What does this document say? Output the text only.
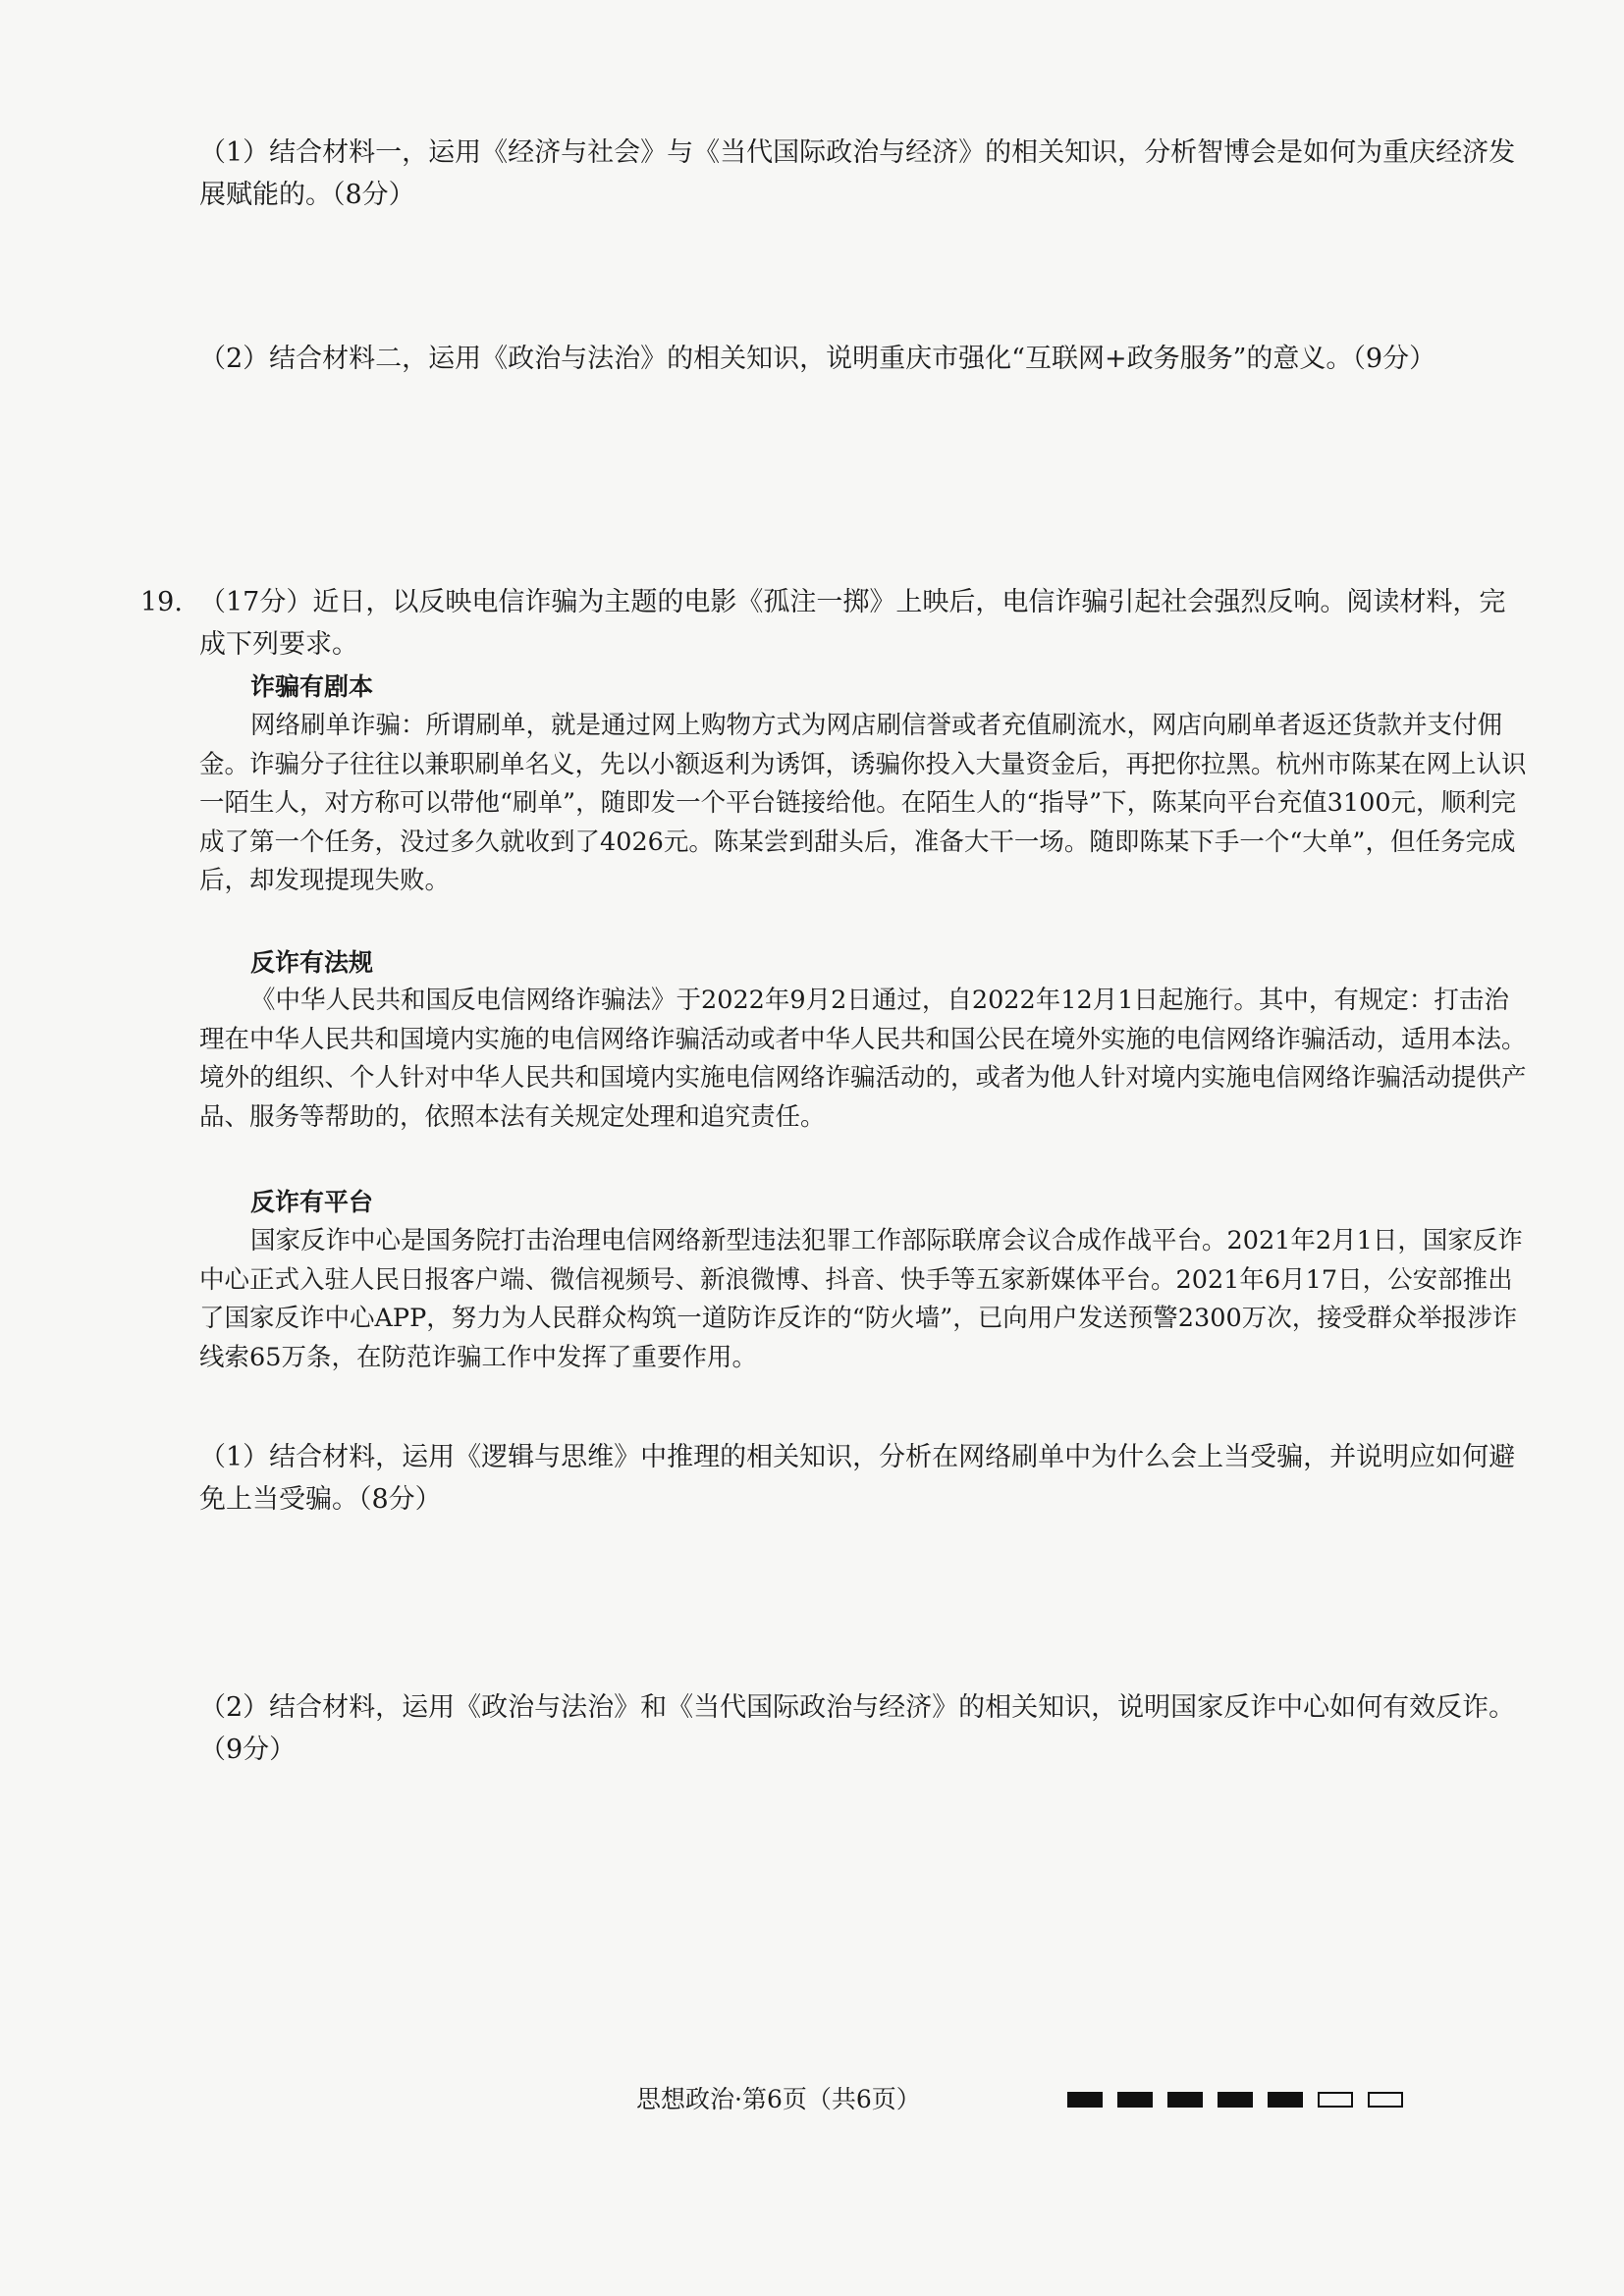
（1）结合材料一，运用《经济与社会》与《当代国际政治与经济》的相关知识，分析智博会是如何为重庆经济发展赋能的。（8分）
（2）结合材料二，运用《政治与法治》的相关知识，说明重庆市强化“互联网+政务服务”的意义。（9分）
19. （17分）近日，以反映电信诈骗为主题的电影《孤注一掷》上映后，电信诈骗引起社会强烈反响。阅读材料，完成下列要求。
诈骗有剧本
网络刷单诈骗：所谓刷单，就是通过网上购物方式为网店刷信誉或者充值刷流水，网店向刷单者返还货款并支付佣金。诈骗分子往往以兼职刷单名义，先以小额返利为诱饵，诱骗你投入大量资金后，再把你拉黑。杭州市陈某在网上认识一陌生人，对方称可以带他“刷单”，随即发一个平台链接给他。在陌生人的“指导”下，陈某向平台充值3100元，顺利完成了第一个任务，没过多久就收到了4026元。陈某尝到甜头后，准备大干一场。随即陈某下手一个“大单”，但任务完成后，却发现提现失败。
反诈有法规
《中华人民共和国反电信网络诈骗法》于2022年9月2日通过，自2022年12月1日起施行。其中，有规定：打击治理在中华人民共和国境内实施的电信网络诈骗活动或者中华人民共和国公民在境外实施的电信网络诈骗活动，适用本法。境外的组织、个人针对中华人民共和国境内实施电信网络诈骗活动的，或者为他人针对境内实施电信网络诈骗活动提供产品、服务等帮助的，依照本法有关规定处理和追究责任。
反诈有平台
国家反诈中心是国务院打击治理电信网络新型违法犯罪工作部际联席会议合成作战平台。2021年2月1日，国家反诈中心正式入驻人民日报客户端、微信视频号、新浪微博、抖音、快手等五家新媒体平台。2021年6月17日，公安部推出了国家反诈中心APP，努力为人民群众构筑一道防诈反诈的“防火墙”，已向用户发送预警2300万次，接受群众举报涉诈线索65万条，在防范诈骗工作中发挥了重要作用。
（1）结合材料，运用《逻辑与思维》中推理的相关知识，分析在网络刷单中为什么会上当受骗，并说明应如何避免上当受骗。（8分）
（2）结合材料，运用《政治与法治》和《当代国际政治与经济》的相关知识，说明国家反诈中心如何有效反诈。（9分）
思想政治·第6页（共6页）
